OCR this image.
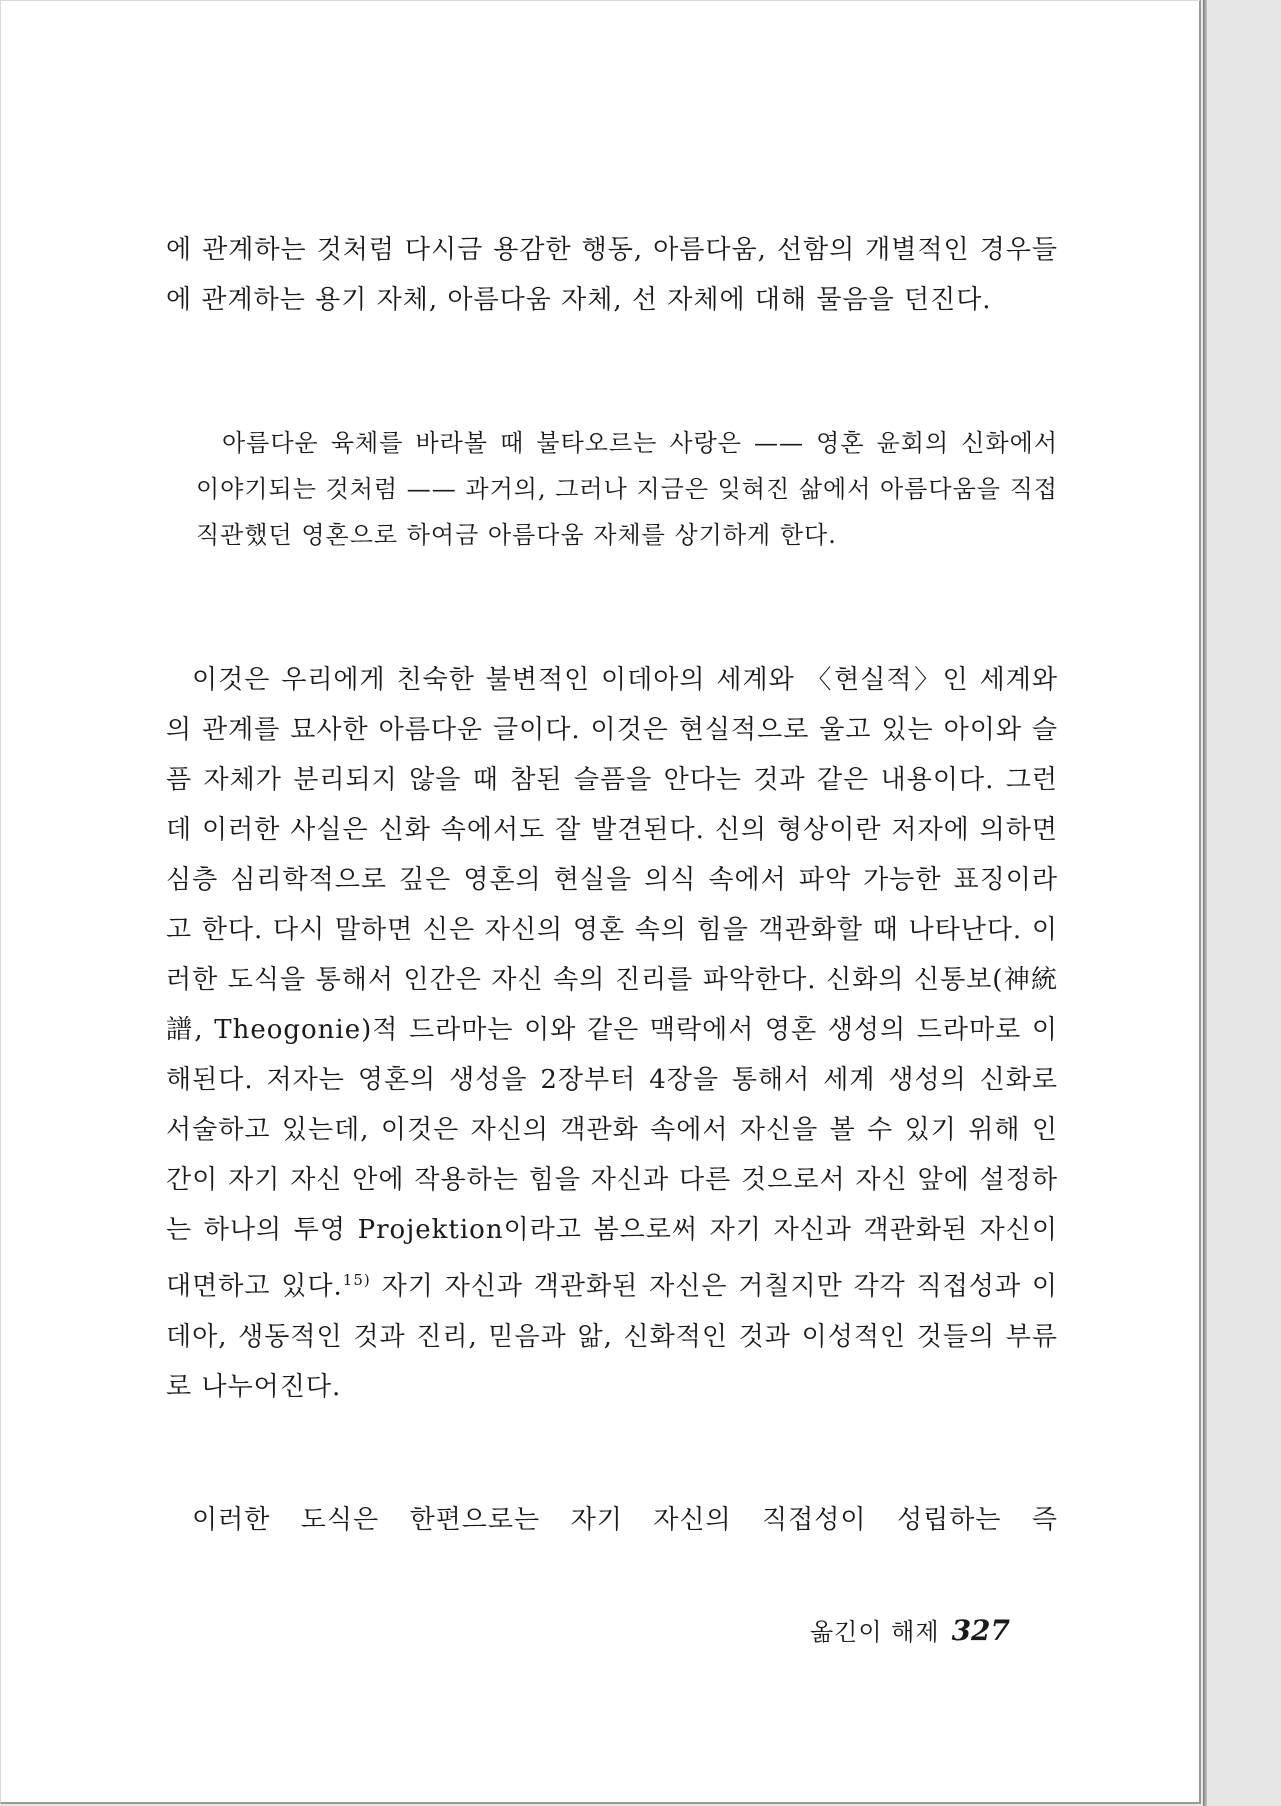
에 관계하는 것처럼 다시금 용감한 행동, 아름다움, 선함의 개별적인 경우들에 관계하는 용기 자체, 아름다움 자체, 선 자체에 대해 물음을 던진다.

아름다운 육체를 바라볼 때 불타오르는 사랑은 —— 영혼 윤회의 신화에서 이야기되는 것처럼 —— 과거의, 그러나 지금은 잊혀진 삶에서 아름다움을 직접 직관했던 영혼으로 하여금 아름다움 자체를 상기하게 한다.

이것은 우리에게 친숙한 불변적인 이데아의 세계와 〈현실적〉인 세계와의 관계를 묘사한 아름다운 글이다. 이것은 현실적으로 울고 있는 아이와 슬픔 자체가 분리되지 않을 때 참된 슬픔을 안다는 것과 같은 내용이다. 그런데 이러한 사실은 신화 속에서도 잘 발견된다. 신의 형상이란 저자에 의하면 심층 심리학적으로 깊은 영혼의 현실을 의식 속에서 파악 가능한 표징이라고 한다. 다시 말하면 신은 자신의 영혼 속의 힘을 객관화할 때 나타난다. 이러한 도식을 통해서 인간은 자신 속의 진리를 파악한다. 신화의 신통보(神統譜, Theogonie)적 드라마는 이와 같은 맥락에서 영혼 생성의 드라마로 이해된다. 저자는 영혼의 생성을 2장부터 4장을 통해서 세계 생성의 신화로 서술하고 있는데, 이것은 자신의 객관화 속에서 자신을 볼 수 있기 위해 인간이 자기 자신 안에 작용하는 힘을 자신과 다른 것으로서 자신 앞에 설정하는 하나의 투영 Projektion이라고 봄으로써 자기 자신과 객관화된 자신이 대면하고 있다.$^{15)}$ 자기 자신과 객관화된 자신은 거칠지만 각각 직접성과 이데아, 생동적인 것과 진리, 믿음과 앎, 신화적인 것과 이성적인 것들의 부류로 나누어진다.

이러한 도식은 한편으로는 자기 자신의 직접성이 성립하는 즉

옮긴이 해제 327
